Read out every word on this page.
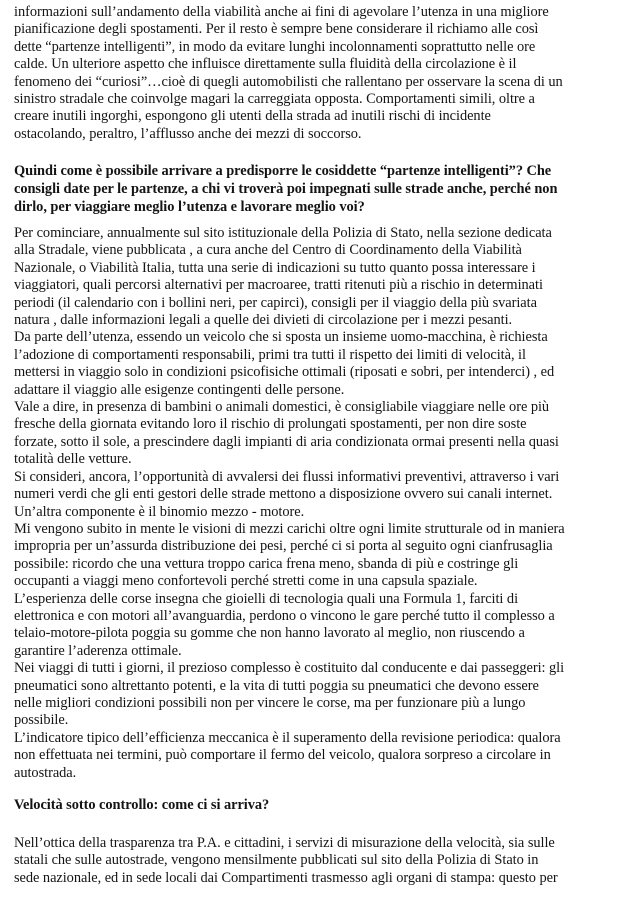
informazioni sull’andamento della viabilità anche ai fini di agevolare l’utenza in una migliore
pianificazione degli spostamenti. Per il resto è sempre bene considerare il richiamo alle così
dette “partenze intelligenti”, in modo da evitare lunghi incolonnamenti soprattutto nelle ore
calde. Un ulteriore aspetto che influisce direttamente sulla fluidità della circolazione è il
fenomeno dei “curiosi”…cioè di quegli automobilisti che rallentano per osservare la scena di un
sinistro stradale che coinvolge magari la carreggiata opposta. Comportamenti simili, oltre a
creare inutili ingorghi, espongono gli utenti della strada ad inutili rischi di incidente
ostacolando, peraltro, l’afflusso anche dei mezzi di soccorso.
Quindi come è possibile arrivare a predisporre le cosiddette “partenze intelligenti”? Che
consigli date per le partenze, a chi vi troverà poi impegnati sulle strade anche, perché non
dirlo, per viaggiare meglio l’utenza e lavorare meglio voi?
Per cominciare, annualmente sul sito istituzionale della Polizia di Stato, nella sezione dedicata
alla Stradale, viene pubblicata , a cura anche del Centro di Coordinamento della Viabilità
Nazionale, o Viabilità Italia, tutta una serie di indicazioni su tutto quanto possa interessare i
viaggiatori, quali percorsi alternativi per macroaree, tratti ritenuti più a rischio in determinati
periodi (il calendario con i bollini neri, per capirci), consigli per il viaggio della più svariata
natura , dalle informazioni legali a quelle dei divieti di circolazione per i mezzi pesanti.
Da parte dell’utenza, essendo un veicolo che si sposta un insieme uomo-macchina, è richiesta
l’adozione di comportamenti responsabili, primi tra tutti il rispetto dei limiti di velocità, il
mettersi in viaggio solo in condizioni psicofisiche ottimali (riposati e sobri, per intenderci) , ed
adattare il viaggio alle esigenze contingenti delle persone.
Vale a dire, in presenza di bambini o animali domestici, è consigliabile viaggiare nelle ore più
fresche della giornata evitando loro il rischio di prolungati spostamenti, per non dire soste
forzate, sotto il sole, a prescindere dagli impianti di aria condizionata ormai presenti nella quasi
totalità delle vetture.
Si consideri, ancora, l’opportunità di avvalersi dei flussi informativi preventivi, attraverso i vari
numeri verdi che gli enti gestori delle strade mettono a disposizione ovvero sui canali internet.
Un’altra componente è il binomio mezzo - motore.
Mi vengono subito in mente le visioni di mezzi carichi oltre ogni limite strutturale od in maniera
impropria per un’assurda distribuzione dei pesi, perché ci si porta al seguito ogni cianfrusaglia
possibile: ricordo che una vettura troppo carica frena meno, sbanda di più e costringe gli
occupanti a viaggi meno confortevoli perché stretti come in una capsula spaziale.
L’esperienza delle corse insegna che gioielli di tecnologia quali una Formula 1, farciti di
elettronica e con motori all’avanguardia, perdono o vincono le gare perché tutto il complesso a
telaio-motore-pilota poggia su gomme che non hanno lavorato al meglio, non riuscendo a
garantire l’aderenza ottimale.
Nei viaggi di tutti i giorni, il prezioso complesso è costituito dal conducente e dai passeggeri: gli
pneumatici sono altrettanto potenti, e la vita di tutti poggia su pneumatici che devono essere
nelle migliori condizioni possibili non per vincere le corse, ma per funzionare più a lungo
possibile.
L’indicatore tipico dell’efficienza meccanica è il superamento della revisione periodica: qualora
non effettuata nei termini, può comportare il fermo del veicolo, qualora sorpreso a circolare in
autostrada.
Velocità sotto controllo: come ci si arriva?
Nell’ottica della trasparenza tra P.A. e cittadini, i servizi di misurazione della velocità, sia sulle
statali che sulle autostrade, vengono mensilmente pubblicati sul sito della Polizia di Stato in
sede nazionale, ed in sede locali dai Compartimenti trasmesso agli organi di stampa: questo per
